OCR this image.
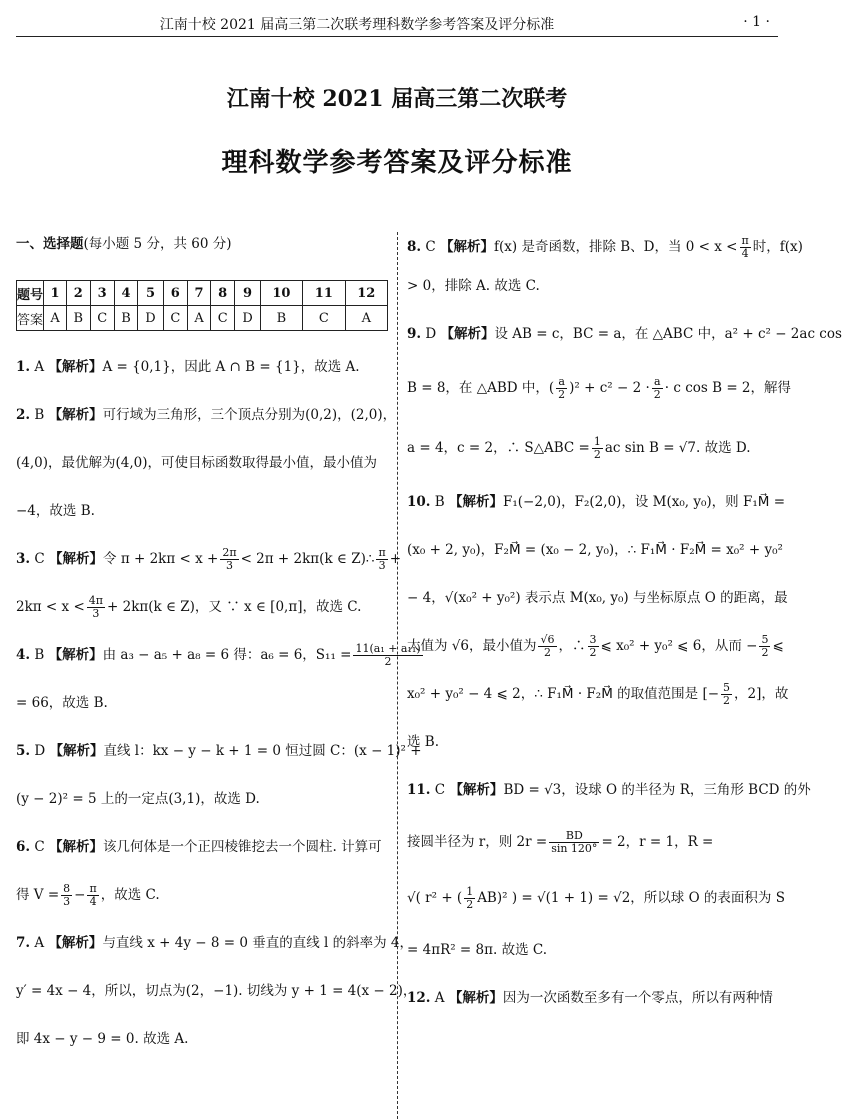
江南十校 2021 届高三第二次联考理科数学参考答案及评分标准	· 1 ·
江南十校 2021 届高三第二次联考
理科数学参考答案及评分标准
一、选择题(每小题 5 分，共 60 分)
题号	1	2	3	4	5	6	7	8	9	10	11	12
答案	A	B	C	B	D	C	A	C	D	B	C	A
1. A 【解析】A = {0,1}，因此 A ∩ B = {1}，故选 A.
2. B 【解析】可行域为三角形，三个顶点分别为(0,2)，(2,0)，
(4,0)，最优解为(4,0)，可使目标函数取得最小值，最小值为
−4，故选 B.
3. C 【解析】令 $\pi + 2k\pi < x + \frac{2\pi}{3} < 2\pi + 2k\pi(k$ ∈ Z)∴ $\frac{\pi}{3}$ +
$2k\pi < x < \frac{4\pi}{3} + 2k\pi(k$ ∈ Z)，又 ∵ x ∈ [0,π]，故选 C.
4. B 【解析】由 a₃ − a₅ + a₈ = 6 得：a₆ = 6，$S_{11} = \frac{\text{11(a₁ + a₁₁)}}{2}$
= 66，故选 B.
5. D 【解析】直线 l：kx − y − k + 1 = 0 恒过圆 C：(x − 1)² +
(y − 2)² = 5 上的一定点(3,1)，故选 D.
6. C 【解析】该几何体是一个正四棱锥挖去一个圆柱. 计算可
得 $V = \frac{8}{3} - \frac{\pi}{4}$ ，故选 C.
7. A 【解析】与直线 x + 4y − 8 = 0 垂直的直线 l 的斜率为 4，
y′ = 4x − 4，所以，切点为(2，−1). 切线为 y + 1 = 4(x − 2)，
即 4x − y − 9 = 0. 故选 A.
8. C 【解析】f(x) 是奇函数，排除 B、D，当 $0 < x < \frac{\pi}{4}$ 时，f(x)
> 0，排除 A. 故选 C.
9. D 【解析】设 AB = c，BC = a，在 △ABC 中，a² + c² − 2ac cos
B = 8，在 △ABD 中，( $\frac{a}{2} )^2 + c^2 - 2 \cdot \frac{a}{2} \cdot c$ cos B = 2，解得
a = 4，c = 2，∴ S△ABC = $\frac{1}{2}$ ac sin B = √7. 故选 D.
10. B 【解析】F₁(−2,0)，F₂(2,0)，设 M(x₀, y₀)，则 F₁M⃗ =
(x₀ + 2, y₀)，F₂M⃗ = (x₀ − 2, y₀)，∴ F₁M⃗ · F₂M⃗ = x₀² + y₀²
− 4，√(x₀² + y₀²) 表示点 M(x₀, y₀) 与坐标原点 O 的距离，最
大值为 √6，最小值为 $\frac{√6}{2}$ ，∴ $\frac{3}{2}$ ⩽ x₀² + y₀² ⩽ 6，从而 − $\frac{5}{2}$ ⩽
x₀² + y₀² − 4 ⩽ 2，∴ F₁M⃗ · F₂M⃗ 的取值范围是 [− $\frac{5}{2}$ ，2]，故
选 B.
11. C 【解析】BD = √3，设球 O 的半径为 R，三角形 BCD 的外
接圆半径为 r，则 $2r = \frac{BD}{\sin 120^\circ} = 2$，r = 1，R =
√( r² + ( $\frac{1}{2} AB)^2$ ) = √(1 + 1) = √2，所以球 O 的表面积为 S
= 4πR² = 8π. 故选 C.
12. A 【解析】因为一次函数至多有一个零点，所以有两种情
